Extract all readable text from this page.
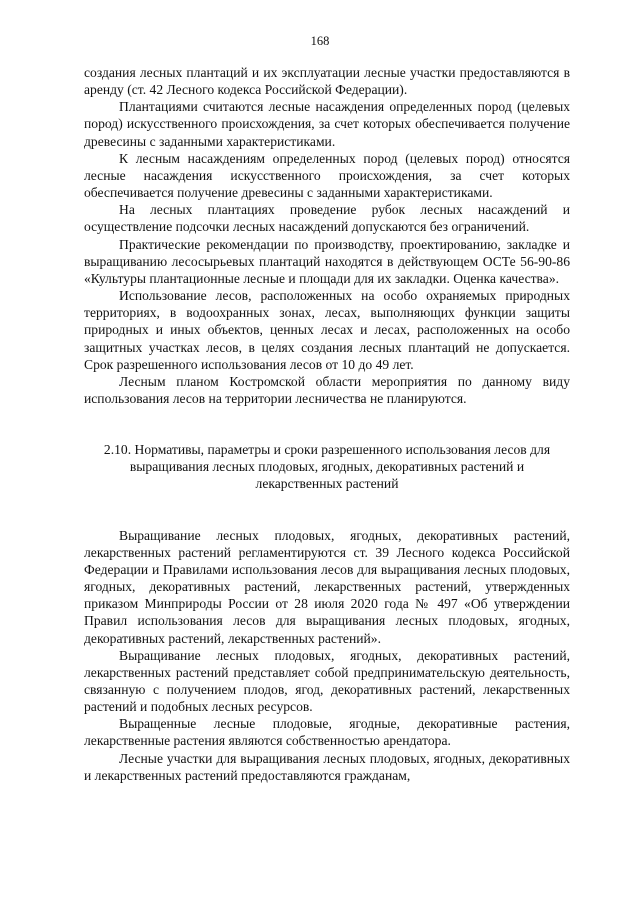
168

создания лесных плантаций и их эксплуатации лесные участки предоставляются в аренду (ст. 42 Лесного кодекса Российской Федерации).

Плантациями считаются лесные насаждения определенных пород (целевых пород) искусственного происхождения, за счет которых обеспечивается получение древесины с заданными характеристиками.

К лесным насаждениям определенных пород (целевых пород) относятся лесные насаждения искусственного происхождения, за счет которых обеспечивается получение древесины с заданными характеристиками.

На лесных плантациях проведение рубок лесных насаждений и осуществление подсочки лесных насаждений допускаются без ограничений.

Практические рекомендации по производству, проектированию, закладке и выращиванию лесосырьевых плантаций находятся в действующем ОСТе 56-90-86 «Культуры плантационные лесные и площади для их закладки. Оценка качества».

Использование лесов, расположенных на особо охраняемых природных территориях, в водоохранных зонах, лесах, выполняющих функции защиты природных и иных объектов, ценных лесах и лесах, расположенных на особо защитных участках лесов, в целях создания лесных плантаций не допускается. Срок разрешенного использования лесов от 10 до 49 лет.

Лесным планом Костромской области мероприятия по данному виду использования лесов на территории лесничества не планируются.

2.10. Нормативы, параметры и сроки разрешенного использования лесов для выращивания лесных плодовых, ягодных, декоративных растений и лекарственных растений

Выращивание лесных плодовых, ягодных, декоративных растений, лекарственных растений регламентируются ст. 39 Лесного кодекса Российской Федерации и Правилами использования лесов для выращивания лесных плодовых, ягодных, декоративных растений, лекарственных растений, утвержденных приказом Минприроды России от 28 июля 2020 года № 497 «Об утверждении Правил использования лесов для выращивания лесных плодовых, ягодных, декоративных растений, лекарственных растений».

Выращивание лесных плодовых, ягодных, декоративных растений, лекарственных растений представляет собой предпринимательскую деятельность, связанную с получением плодов, ягод, декоративных растений, лекарственных растений и подобных лесных ресурсов.

Выращенные лесные плодовые, ягодные, декоративные растения, лекарственные растения являются собственностью арендатора.

Лесные участки для выращивания лесных плодовых, ягодных, декоративных и лекарственных растений предоставляются гражданам,
